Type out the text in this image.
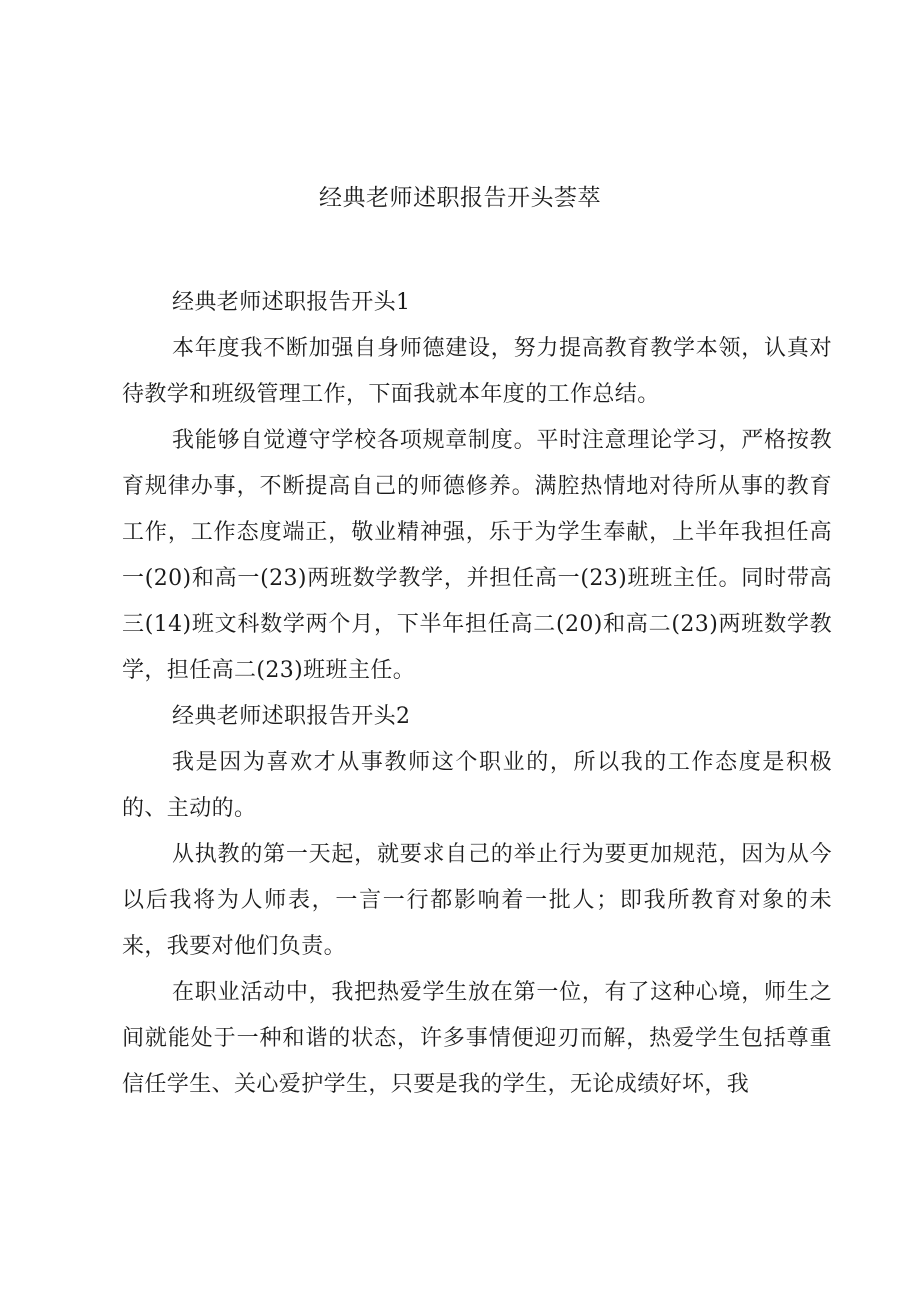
经典老师述职报告开头荟萃

经典老师述职报告开头1

本年度我不断加强自身师德建设，努力提高教育教学本领，认真对待教学和班级管理工作，下面我就本年度的工作总结。

我能够自觉遵守学校各项规章制度。平时注意理论学习，严格按教育规律办事，不断提高自己的师德修养。满腔热情地对待所从事的教育工作，工作态度端正，敬业精神强，乐于为学生奉献，上半年我担任高一(20)和高一(23)两班数学教学，并担任高一(23)班班主任。同时带高三(14)班文科数学两个月，下半年担任高二(20)和高二(23)两班数学教学，担任高二(23)班班主任。

经典老师述职报告开头2

我是因为喜欢才从事教师这个职业的，所以我的工作态度是积极的、主动的。

从执教的第一天起，就要求自己的举止行为要更加规范，因为从今以后我将为人师表，一言一行都影响着一批人；即我所教育对象的未来，我要对他们负责。

在职业活动中，我把热爱学生放在第一位，有了这种心境，师生之间就能处于一种和谐的状态，许多事情便迎刃而解，热爱学生包括尊重信任学生、关心爱护学生，只要是我的学生，无论成绩好坏，我
